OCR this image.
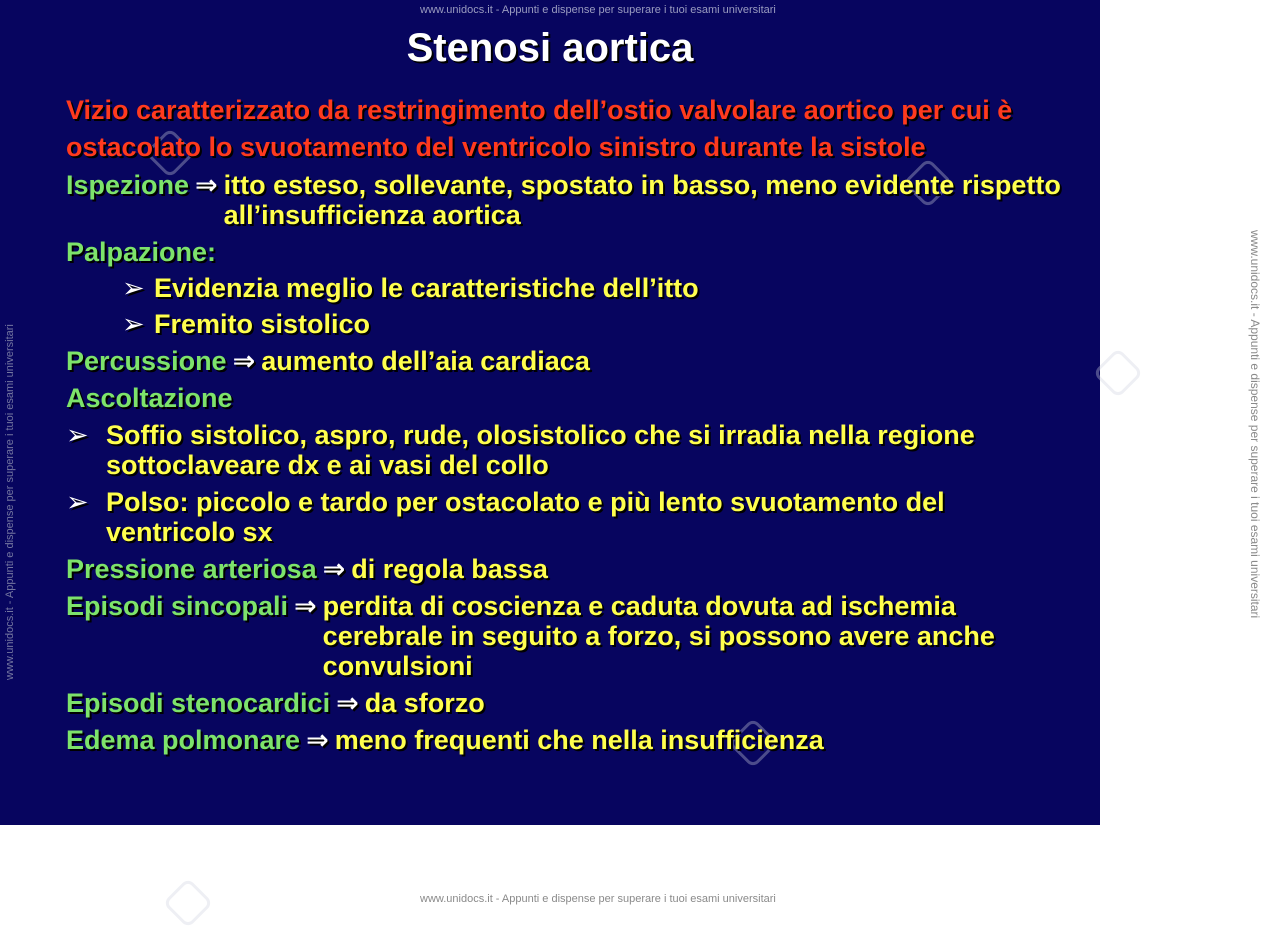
www.unidocs.it - Appunti e dispense per superare i tuoi esami universitari
www.unidocs.it - Appunti e dispense per superare i tuoi esami universitari
Stenosi aortica
Vizio caratterizzato da restringimento dell’ostio valvolare aortico per cui è ostacolato lo svuotamento del ventricolo sinistro durante la sistole
Ispezione ⇒ itto esteso, sollevante, spostato in basso, meno evidente rispetto all’insufficienza aortica
Palpazione:
➢ Evidenzia meglio le caratteristiche dell’itto
➢ Fremito sistolico
Percussione ⇒ aumento dell’aia cardiaca
Ascoltazione
➢ Soffio sistolico, aspro, rude, olosistolico che si irradia nella regione sottoclaveare dx e ai vasi del collo
➢ Polso: piccolo e tardo per ostacolato e più lento svuotamento del ventricolo sx
Pressione arteriosa ⇒ di regola bassa
Episodi sincopali ⇒ perdita di coscienza e caduta dovuta ad ischemia cerebrale in seguito a forzo, si possono avere anche convulsioni
Episodi stenocardici ⇒ da sforzo
Edema polmonare ⇒ meno frequenti che nella insufficienza
www.unidocs.it - Appunti e dispense per superare i tuoi esami universitari
www.unidocs.it - Appunti e dispense per superare i tuoi esami universitari
